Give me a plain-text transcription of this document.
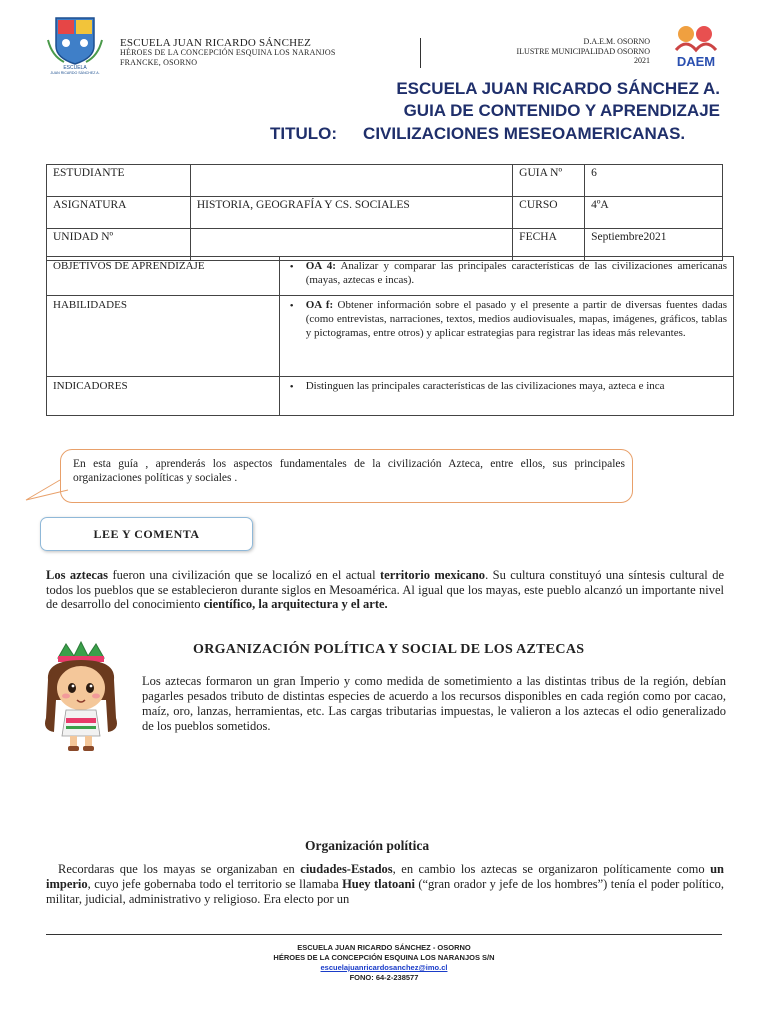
ESCUELA
JUAN RICARDO SÁNCHEZ A.
ESCUELA JUAN RICARDO SÁNCHEZ
HÉROES DE LA CONCEPCIÓN ESQUINA LOS NARANJOS
FRANCKE, OSORNO
D.A.E.M. OSORNO
ILUSTRE MUNICIPALIDAD OSORNO
2021 DAEM
ESCUELA JUAN RICARDO SÁNCHEZ A.
GUIA DE CONTENIDO Y APRENDIZAJE
TITULO: CIVILIZACIONES MESEOAMERICANAS.
ESTUDIANTE		GUIA Nº	6
ASIGNATURA	HISTORIA, GEOGRAFÍA Y CS. SOCIALES	CURSO	4ºA
UNIDAD Nº		FECHA	Septiembre2021
OBJETIVOS DE APRENDIZAJE	• OA 4: Analizar y comparar las principales características de las civilizaciones americanas (mayas, aztecas e incas).
HABILIDADES	• OA f: Obtener información sobre el pasado y el presente a partir de diversas fuentes dadas (como entrevistas, narraciones, textos, medios audiovisuales, mapas, imágenes, gráficos, tablas y pictogramas, entre otros) y aplicar estrategias para registrar las ideas más relevantes.
INDICADORES	• Distinguen las principales características de las civilizaciones maya, azteca e inca
En esta guía , aprenderás los aspectos fundamentales de la civilización Azteca, entre ellos, sus principales organizaciones políticas y sociales .
LEE Y COMENTA
Los aztecas fueron una civilización que se localizó en el actual territorio mexicano. Su cultura constituyó una síntesis cultural de todos los pueblos que se establecieron durante siglos en Mesoamérica. Al igual que los mayas, este pueblo alcanzó un importante nivel de desarrollo del conocimiento científico, la arquitectura y el arte.
ORGANIZACIÓN POLÍTICA Y SOCIAL DE LOS AZTECAS
Los aztecas formaron un gran Imperio y como medida de sometimiento a las distintas tribus de la región, debían pagarles pesados tributo de distintas especies de acuerdo a los recursos disponibles en cada región como por cacao, maíz, oro, lanzas, herramientas, etc. Las cargas tributarias impuestas, le valieron a los aztecas el odio generalizado de los pueblos sometidos.
Organización política
Recordaras que los mayas se organizaban en ciudades-Estados, en cambio los aztecas se organizaron políticamente como un imperio, cuyo jefe gobernaba todo el territorio se llamaba Huey tlatoani (“gran orador y jefe de los hombres”) tenía el poder político, militar, judicial, administrativo y religioso. Era electo por un
ESCUELA JUAN RICARDO SÁNCHEZ - OSORNO
HÉROES DE LA CONCEPCIÓN ESQUINA LOS NARANJOS S/N
escuelajuanricardosanchez@imo.cl
FONO: 64-2-238577
